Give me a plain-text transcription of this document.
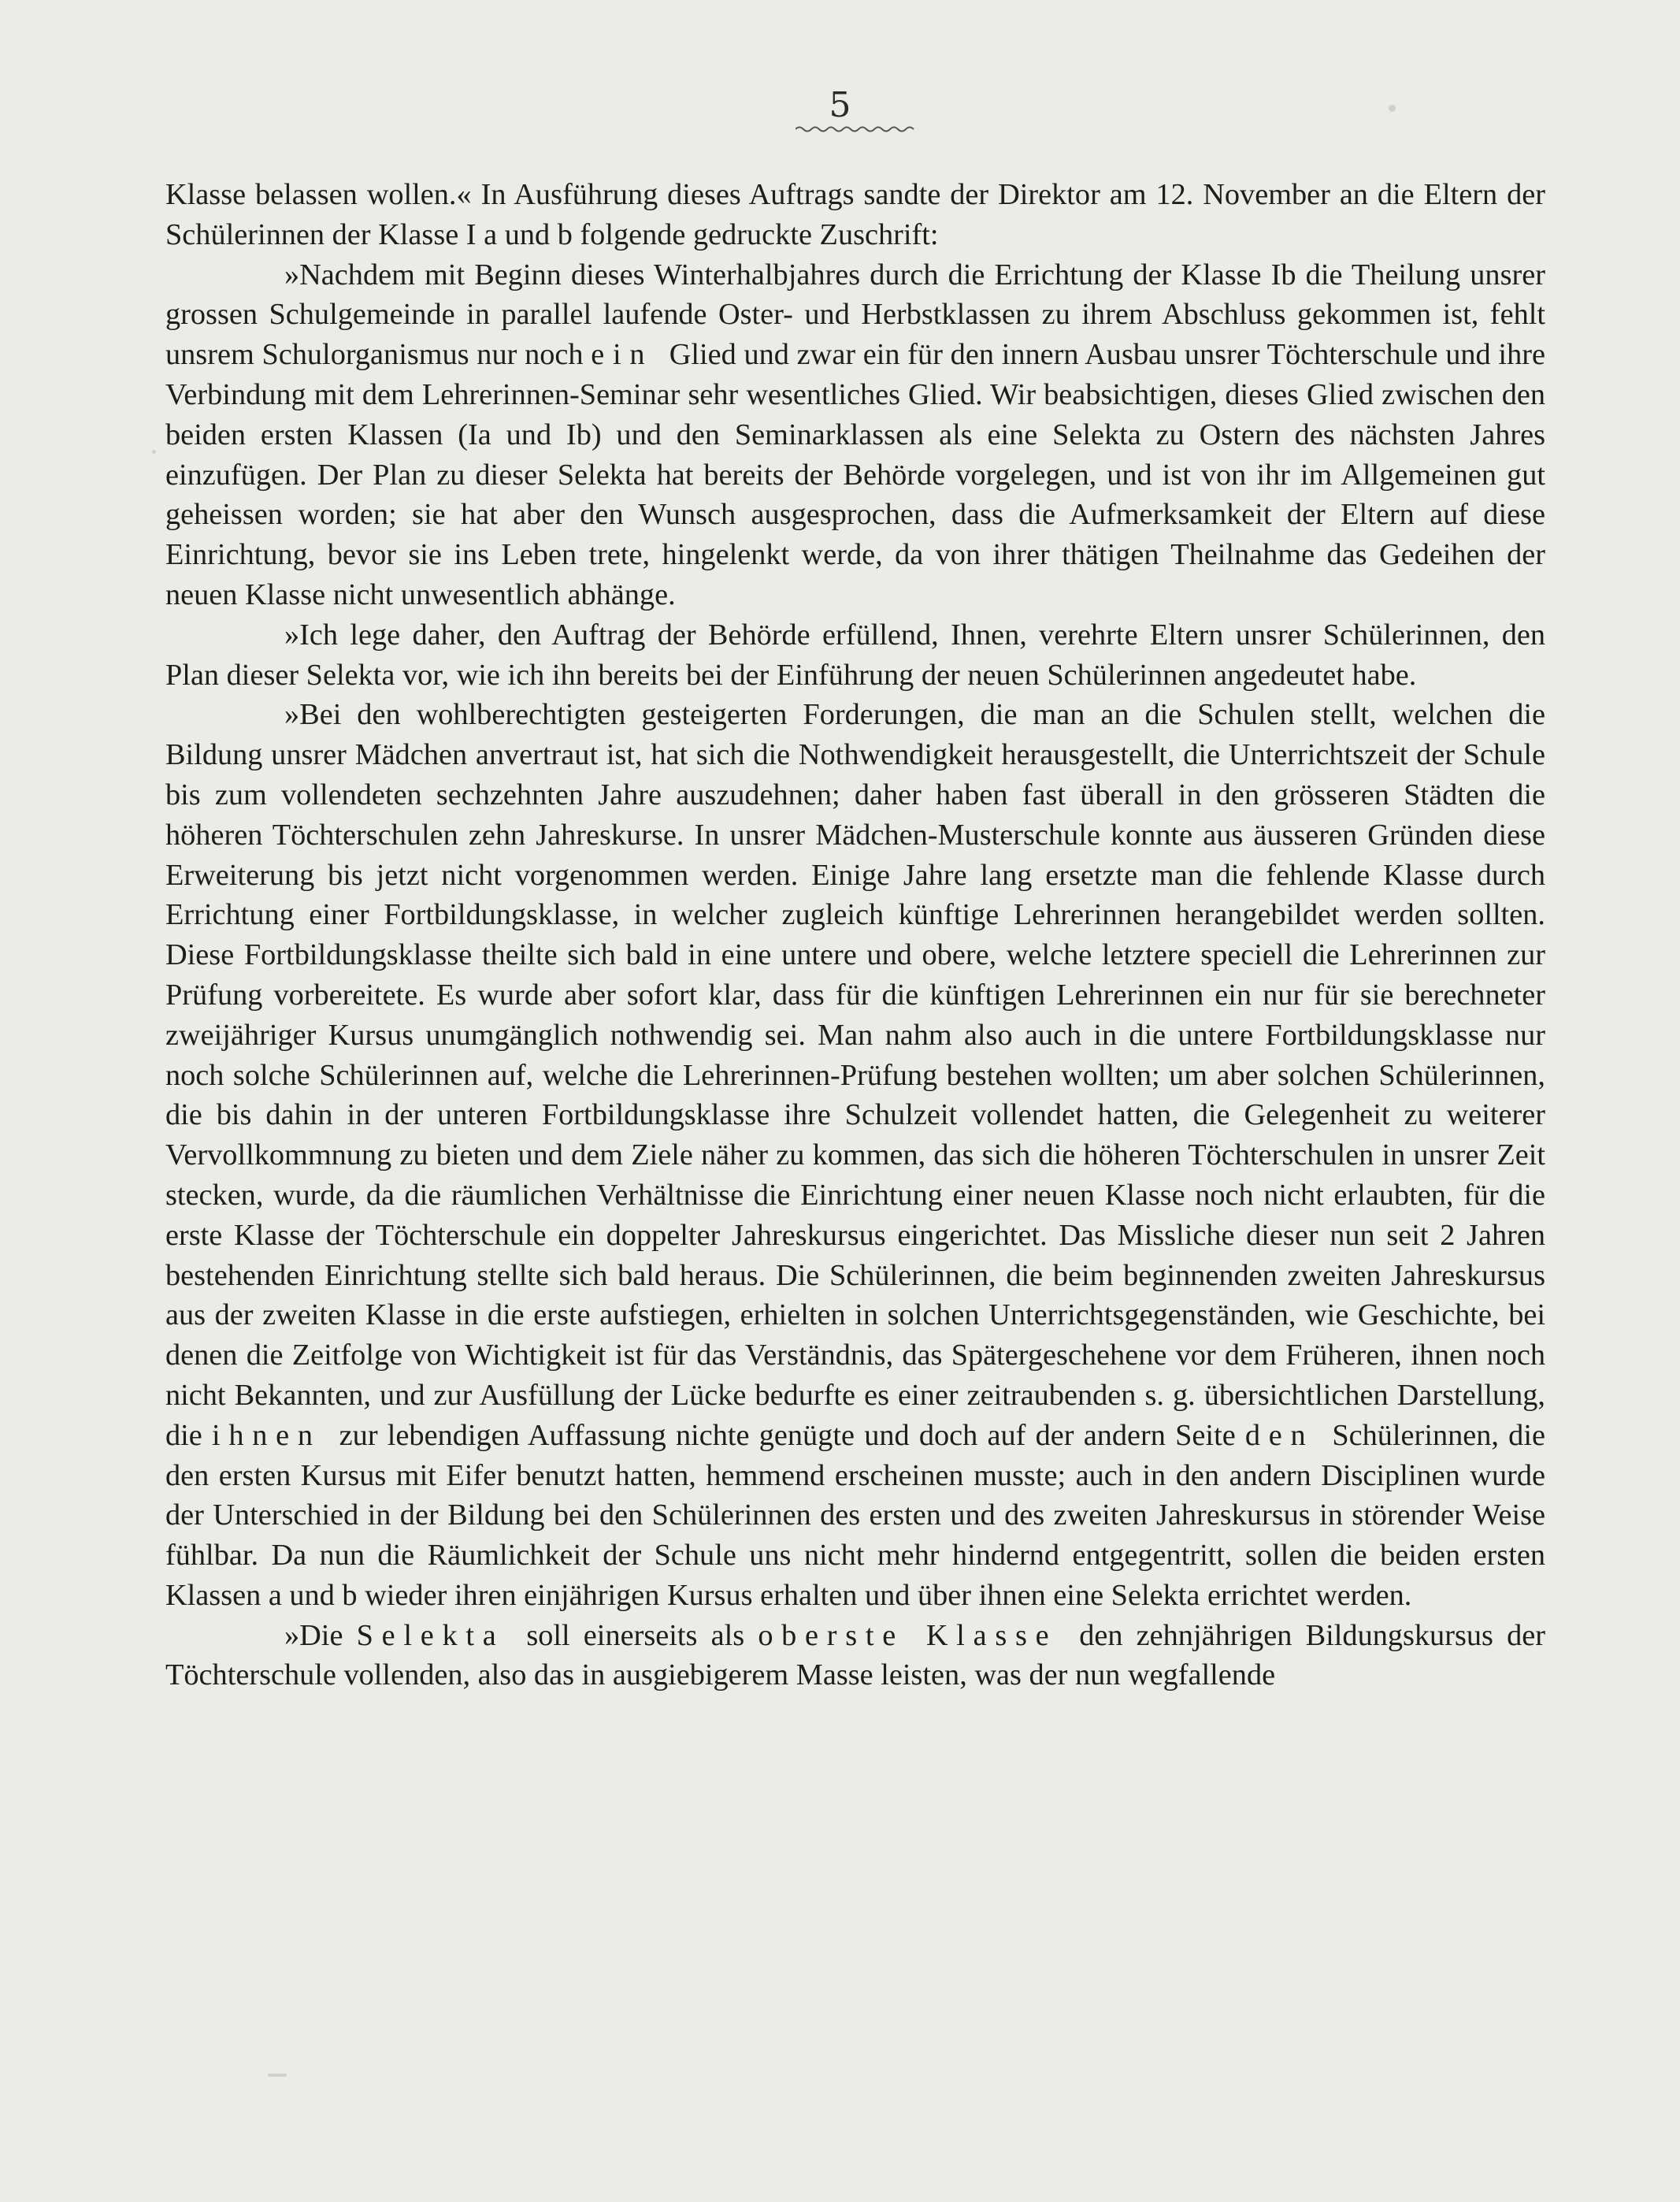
5

Klasse belassen wollen.« In Ausführung dieses Auftrags sandte der Direktor am 12. November an die Eltern der Schülerinnen der Klasse I a und b folgende gedruckte Zuschrift:

»Nachdem mit Beginn dieses Winterhalbjahres durch die Errichtung der Klasse Ib die Theilung unsrer grossen Schulgemeinde in parallel laufende Oster- und Herbstklassen zu ihrem Abschluss gekommen ist, fehlt unsrem Schulorganismus nur noch ein Glied und zwar ein für den innern Ausbau unsrer Töchterschule und ihre Verbindung mit dem Lehrerinnen-Seminar sehr wesentliches Glied. Wir beabsichtigen, dieses Glied zwischen den beiden ersten Klassen (Ia und Ib) und den Seminarklassen als eine Selekta zu Ostern des nächsten Jahres einzufügen. Der Plan zu dieser Selekta hat bereits der Behörde vorgelegen, und ist von ihr im Allgemeinen gut geheissen worden; sie hat aber den Wunsch ausgesprochen, dass die Aufmerksamkeit der Eltern auf diese Einrichtung, bevor sie ins Leben trete, hingelenkt werde, da von ihrer thätigen Theilnahme das Gedeihen der neuen Klasse nicht unwesentlich abhänge.

»Ich lege daher, den Auftrag der Behörde erfüllend, Ihnen, verehrte Eltern unsrer Schülerinnen, den Plan dieser Selekta vor, wie ich ihn bereits bei der Einführung der neuen Schülerinnen angedeutet habe.

»Bei den wohlberechtigten gesteigerten Forderungen, die man an die Schulen stellt, welchen die Bildung unsrer Mädchen anvertraut ist, hat sich die Nothwendigkeit herausgestellt, die Unterrichtszeit der Schule bis zum vollendeten sechzehnten Jahre auszudehnen; daher haben fast überall in den grösseren Städten die höheren Töchterschulen zehn Jahreskurse. In unsrer Mädchen-Musterschule konnte aus äusseren Gründen diese Erweiterung bis jetzt nicht vorgenommen werden. Einige Jahre lang ersetzte man die fehlende Klasse durch Errichtung einer Fortbildungsklasse, in welcher zugleich künftige Lehrerinnen herangebildet werden sollten. Diese Fortbildungsklasse theilte sich bald in eine untere und obere, welche letztere speciell die Lehrerinnen zur Prüfung vorbereitete. Es wurde aber sofort klar, dass für die künftigen Lehrerinnen ein nur für sie berechneter zweijähriger Kursus unumgänglich nothwendig sei. Man nahm also auch in die untere Fortbildungsklasse nur noch solche Schülerinnen auf, welche die Lehrerinnen-Prüfung bestehen wollten; um aber solchen Schülerinnen, die bis dahin in der unteren Fortbildungsklasse ihre Schulzeit vollendet hatten, die Gelegenheit zu weiterer Vervollkommnung zu bieten und dem Ziele näher zu kommen, das sich die höheren Töchterschulen in unsrer Zeit stecken, wurde, da die räumlichen Verhältnisse die Einrichtung einer neuen Klasse noch nicht erlaubten, für die erste Klasse der Töchterschule ein doppelter Jahreskursus eingerichtet. Das Missliche dieser nun seit 2 Jahren bestehenden Einrichtung stellte sich bald heraus. Die Schülerinnen, die beim beginnenden zweiten Jahreskursus aus der zweiten Klasse in die erste aufstiegen, erhielten in solchen Unterrichtsgegenständen, wie Geschichte, bei denen die Zeitfolge von Wichtigkeit ist für das Verständnis, das Spätergeschehene vor dem Früheren, ihnen noch nicht Bekannten, und zur Ausfüllung der Lücke bedurfte es einer zeitraubenden s. g. übersichtlichen Darstellung, die ihnen zur lebendigen Auffassung nichte genügte und doch auf der andern Seite den Schülerinnen, die den ersten Kursus mit Eifer benutzt hatten, hemmend erscheinen musste; auch in den andern Disciplinen wurde der Unterschied in der Bildung bei den Schülerinnen des ersten und des zweiten Jahreskursus in störender Weise fühlbar. Da nun die Räumlichkeit der Schule uns nicht mehr hindernd entgegentritt, sollen die beiden ersten Klassen a und b wieder ihren einjährigen Kursus erhalten und über ihnen eine Selekta errichtet werden.

»Die Selekta soll einerseits als oberste Klasse den zehnjährigen Bildungskursus der Töchterschule vollenden, also das in ausgiebigerem Masse leisten, was der nun wegfallende
